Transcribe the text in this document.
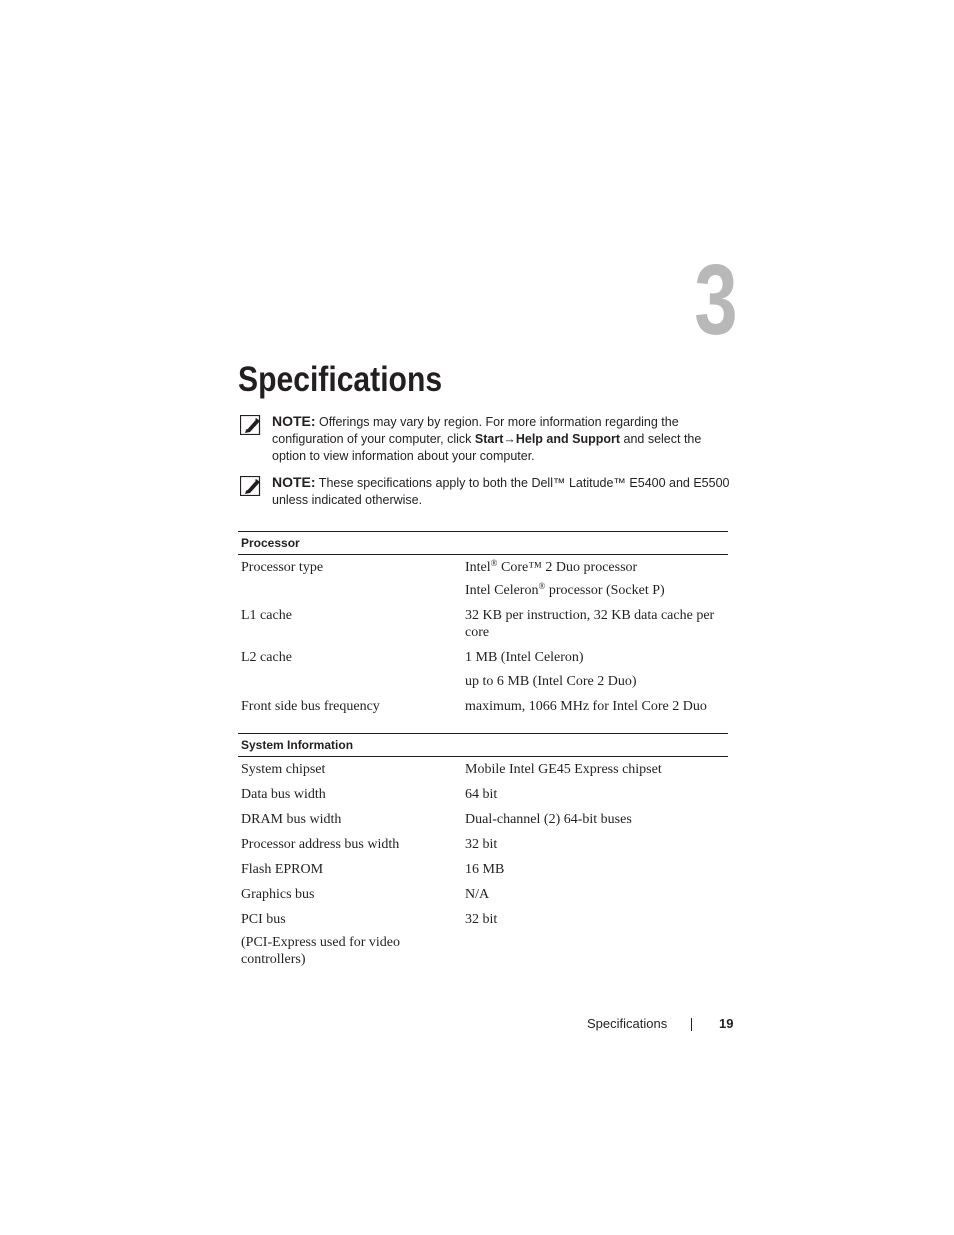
3
Specifications
NOTE: Offerings may vary by region. For more information regarding the configuration of your computer, click Start→Help and Support and select the option to view information about your computer.
NOTE: These specifications apply to both the Dell™ Latitude™ E5400 and E5500 unless indicated otherwise.
Processor
Processor type	Intel® Core™ 2 Duo processor
Intel Celeron® processor (Socket P)
L1 cache	32 KB per instruction, 32 KB data cache per core
L2 cache	1 MB (Intel Celeron)
up to 6 MB (Intel Core 2 Duo)
Front side bus frequency	maximum, 1066 MHz for Intel Core 2 Duo
System Information
System chipset	Mobile Intel GE45 Express chipset
Data bus width	64 bit
DRAM bus width	Dual-channel (2) 64-bit buses
Processor address bus width	32 bit
Flash EPROM	16 MB
Graphics bus	N/A
PCI bus	32 bit
(PCI-Express used for video controllers)
Specifications	19
